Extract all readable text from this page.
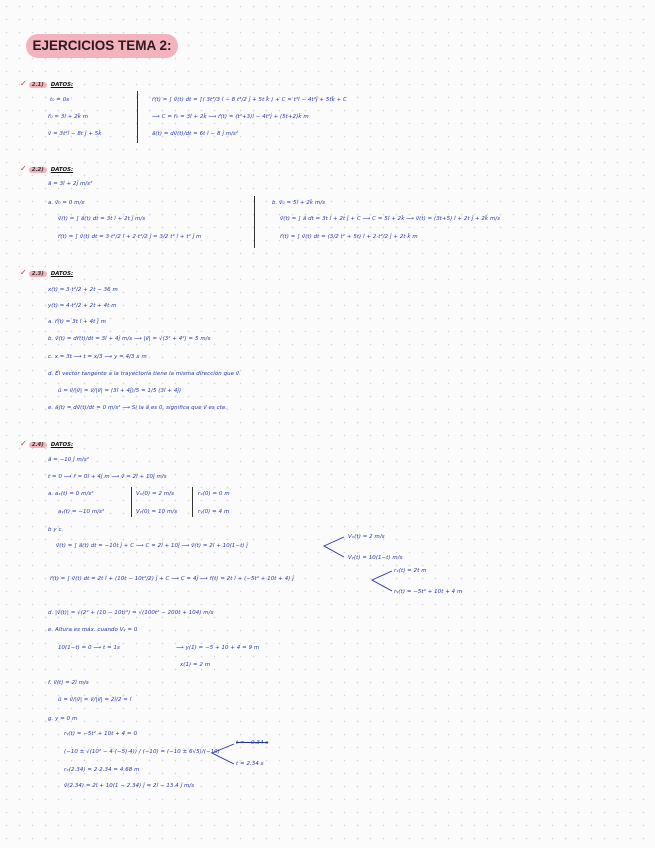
EJERCICIOS TEMA 2:
✓ 2.1) DATOS:
t₀ = 0s
r⃗₀ = 3î + 2k̂ m
v⃗ = 3t²î − 8t ĵ + 5k̂
r⃗(t) = ∫ v⃗(t) dt = ∫( 3t³/3 î − 8 t²/2 ĵ + 5t k̂ ) + C = t³î − 4t²ĵ + 5tk̂ + C
⟶ C = r⃗₀ = 3î + 2k̂ ⟶ r⃗(t) = (t³+3)î − 4t²ĵ + (5t+2)k̂ m
a⃗(t) = dv⃗(t)/dt = 6t î − 8 ĵ m/s²
✓ 2.2) DATOS:
a⃗ = 3î + 2ĵ m/s²
a. v⃗₀ = 0 m/s
v⃗(t) = ∫ a⃗(t) dt = 3t î + 2t ĵ m/s
r⃗(t) = ∫ v⃗(t) dt = 3·t²/2 î + 2·t²/2 ĵ = 3/2 t² î + t² ĵ m
b. v⃗₀ = 5î + 2k̂ m/s
v⃗(t) = ∫ a⃗ dt = 3t î + 2t ĵ + C ⟶ C = 5î + 2k̂ ⟶ v⃗(t) = (3t+5) î + 2t ĵ + 2k̂ m/s
r⃗(t) = ∫ v⃗(t) dt = (3/2 t² + 5t) î + 2·t²/2 ĵ + 2t k̂ m
✓ 2.3) DATOS:
x(t) = 3·t²/2 + 2t − 36 m
y(t) = 4·t²/2 + 2t + 4t m
a. r⃗(t) = 3t î + 4t ĵ m
b. v⃗(t) = dr⃗(t)/dt = 3î + 4ĵ m/s ⟶ |v⃗| = √(3² + 4²) = 5 m/s
c. x = 3t ⟶ t = x/3 ⟶ y = 4/3 x m
d. El vector tangente a la trayectoria tiene la misma dirección que v⃗.
û = v⃗/|v⃗| = v⃗/|v⃗| = (3î + 4ĵ)/5 = 1/5 (3î + 4ĵ)
e. a⃗(t) = dv⃗(t)/dt = 0 m/s² ⟶ Si la a⃗ es 0, significa que v⃗ es cte.
✓ 2.4) DATOS:
a⃗ = −10 ĵ m/s²
t = 0 ⟶ r⃗ = 0î + 4ĵ m ⟶ v⃗ = 2î + 10ĵ m/s
a. aₓ(t) = 0 m/s²
aᵧ(t) = −10 m/s²
Vₓ(0) = 2 m/s
Vᵧ(0) = 10 m/s
rₓ(0) = 0 m
rᵧ(0) = 4 m
b y c.
v⃗(t) = ∫ a⃗(t) dt = −10t ĵ + C ⟶ C = 2î + 10ĵ ⟶ v⃗(t) = 2î + 10(1−t) ĵ
Vₓ(t) = 2 m/s
Vᵧ(t) = 10(1−t) m/s
r⃗(t) = ∫ v⃗(t) dt = 2t î + (10t − 10t²/2) ĵ + C ⟶ C = 4ĵ ⟶ r⃗(t) = 2t î + (−5t² + 10t + 4) ĵ
rₓ(t) = 2t m
rᵧ(t) = −5t² + 10t + 4 m
d. |v⃗(t)| = √(2² + (10 − 10t)²) = √(100t² − 200t + 104) m/s
e. Altura es máx. cuando Vᵧ = 0
10(1−t) = 0 ⟶ t = 1s	⟶ y(1) = −5 + 10 + 4 = 9 m
x(1) = 2 m
f. v⃗(t) = 2î m/s
û = v⃗/|v⃗| = v⃗/|v⃗| = 2î/2 = î
g. y = 0 m
rᵧ(t) = −5t² + 10t + 4 = 0
(−10 ± √(10² − 4·(−5)·4)) / (−10) = (−10 ± 6√5)/(−10)
t = −0.34 s
t = 2.34 s
rₓ(2.34) = 2·2.34 = 4.68 m
v⃗(2.34) = 2î + 10(1 − 2.34) ĵ = 2î − 13.4 ĵ m/s
